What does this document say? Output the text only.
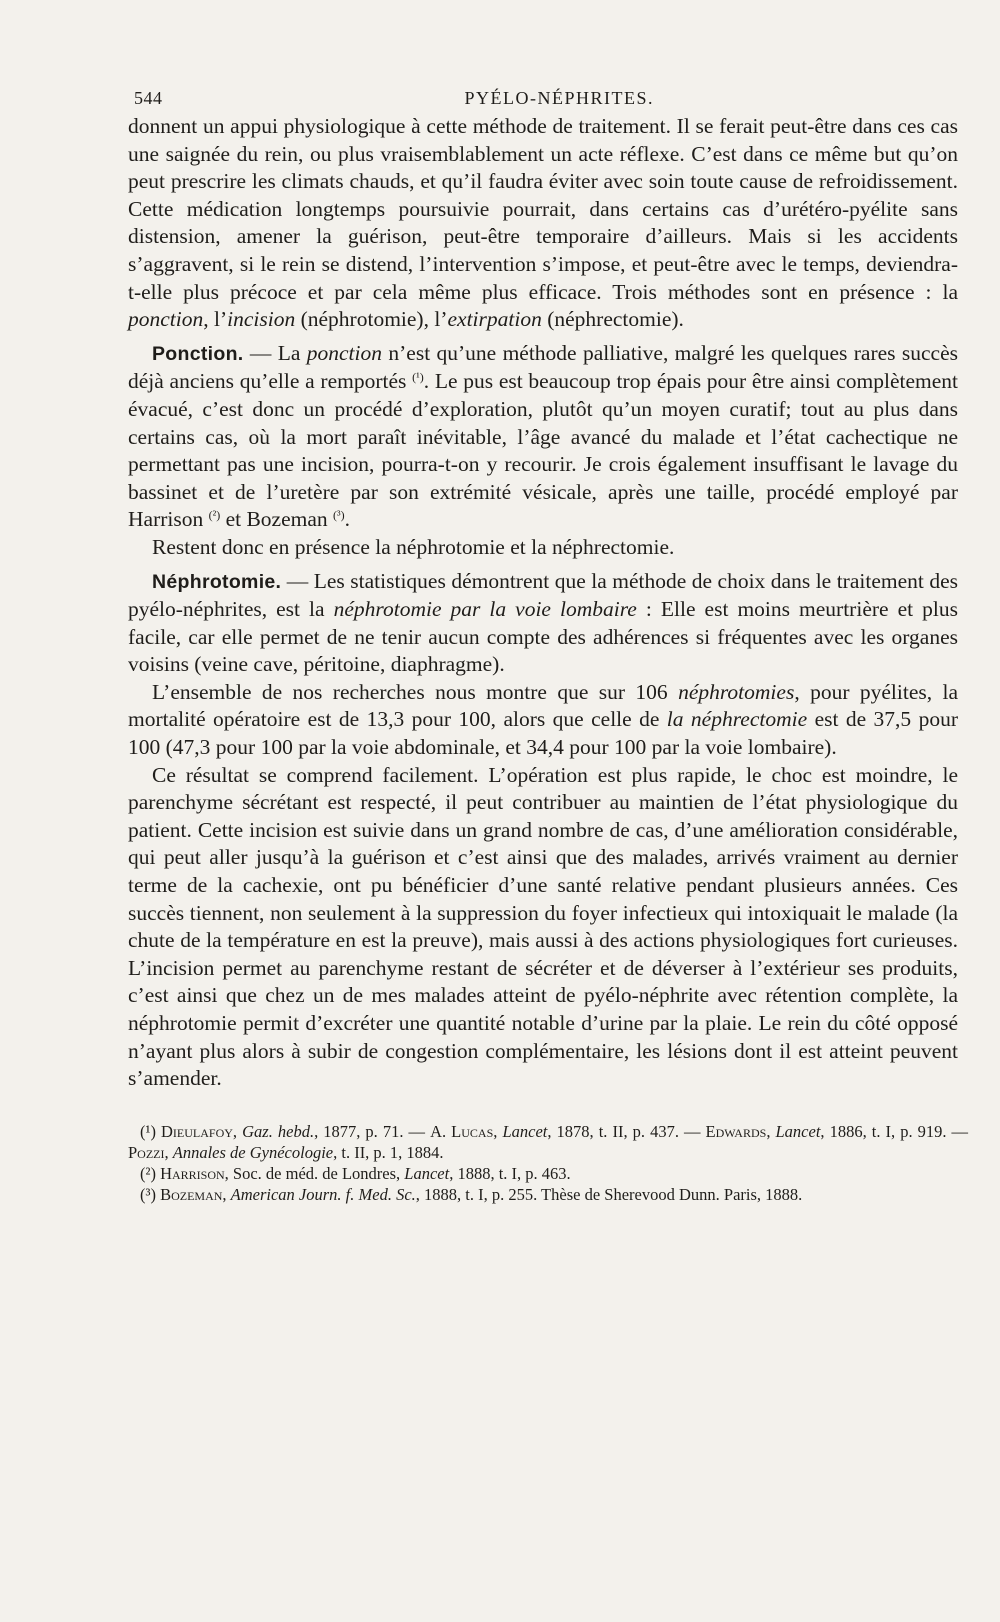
544	PYÉLO-NÉPHRITES.

donnent un appui physiologique à cette méthode de traitement. Il se ferait peut-être dans ces cas une saignée du rein, ou plus vraisemblablement un acte réflexe. C’est dans ce même but qu’on peut prescrire les climats chauds, et qu’il faudra éviter avec soin toute cause de refroidissement. Cette médication longtemps poursuivie pourrait, dans certains cas d’urétéro-pyélite sans distension, amener la guérison, peut-être temporaire d’ailleurs. Mais si les accidents s’aggravent, si le rein se distend, l’intervention s’impose, et peut-être avec le temps, deviendra-t-elle plus précoce et par cela même plus efficace. Trois méthodes sont en présence : la ponction, l’incision (néphrotomie), l’extirpation (néphrectomie).

Ponction. — La ponction n’est qu’une méthode palliative, malgré les quelques rares succès déjà anciens qu’elle a remportés $^{(^1)}$. Le pus est beaucoup trop épais pour être ainsi complètement évacué, c’est donc un procédé d’exploration, plutôt qu’un moyen curatif; tout au plus dans certains cas, où la mort paraît inévitable, l’âge avancé du malade et l’état cachectique ne permettant pas une incision, pourra-t-on y recourir. Je crois également insuffisant le lavage du bassinet et de l’uretère par son extrémité vésicale, après une taille, procédé employé par Harrison $^{(^2)}$ et Bozeman $^{(^3)}$.

Restent donc en présence la néphrotomie et la néphrectomie.

Néphrotomie. — Les statistiques démontrent que la méthode de choix dans le traitement des pyélo-néphrites, est la néphrotomie par la voie lombaire : Elle est moins meurtrière et plus facile, car elle permet de ne tenir aucun compte des adhérences si fréquentes avec les organes voisins (veine cave, péritoine, diaphragme).

L’ensemble de nos recherches nous montre que sur 106 néphrotomies, pour pyélites, la mortalité opératoire est de 13,3 pour 100, alors que celle de la néphrectomie est de 37,5 pour 100 (47,3 pour 100 par la voie abdominale, et 34,4 pour 100 par la voie lombaire).

Ce résultat se comprend facilement. L’opération est plus rapide, le choc est moindre, le parenchyme sécrétant est respecté, il peut contribuer au maintien de l’état physiologique du patient. Cette incision est suivie dans un grand nombre de cas, d’une amélioration considérable, qui peut aller jusqu’à la guérison et c’est ainsi que des malades, arrivés vraiment au dernier terme de la cachexie, ont pu bénéficier d’une santé relative pendant plusieurs années. Ces succès tiennent, non seulement à la suppression du foyer infectieux qui intoxiquait le malade (la chute de la température en est la preuve), mais aussi à des actions physiologiques fort curieuses. L’incision permet au parenchyme restant de sécréter et de déverser à l’extérieur ses produits, c’est ainsi que chez un de mes malades atteint de pyélo-néphrite avec rétention complète, la néphrotomie permit d’excréter une quantité notable d’urine par la plaie. Le rein du côté opposé n’ayant plus alors à subir de congestion complémentaire, les lésions dont il est atteint peuvent s’amender.

(¹) Dieulafoy, Gaz. hebd., 1877, p. 71. — A. Lucas, Lancet, 1878, t. II, p. 437. — Edwards, Lancet, 1886, t. I, p. 919. — Pozzi, Annales de Gynécologie, t. II, p. 1, 1884.

(²) Harrison, Soc. de méd. de Londres, Lancet, 1888, t. I, p. 463.

(³) Bozeman, American Journ. f. Med. Sc., 1888, t. I, p. 255. Thèse de Sherevood Dunn. Paris, 1888.
